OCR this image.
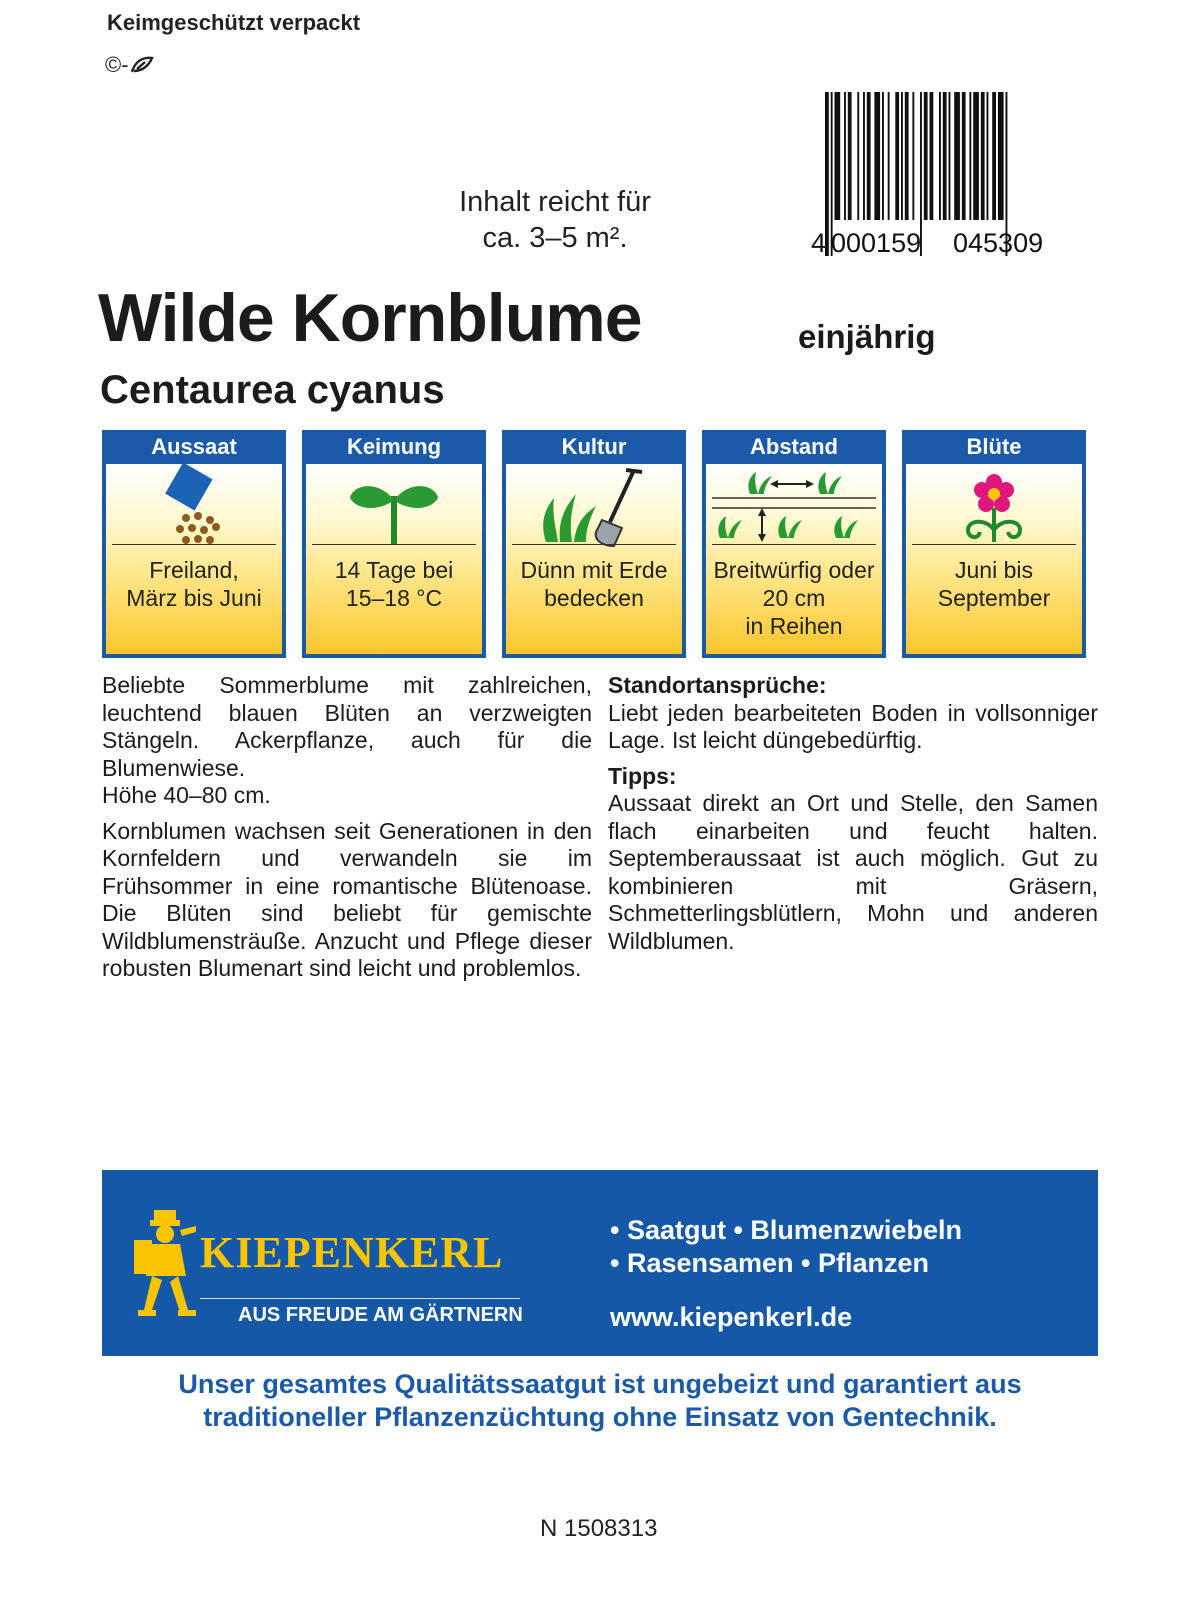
Keimgeschützt verpackt
©-
Inhalt reicht für
ca. 3–5 m².	4 000159 045309
Wilde Kornblume	einjährig
Centaurea cyanus
Aussaat
Freiland,
März bis Juni
Keimung
14 Tage bei
15–18 °C
Kultur
Dünn mit Erde
bedecken
Abstand
Breitwürfig oder
20 cm
in Reihen
Blüte
Juni bis
September

Beliebte Sommerblume mit zahlreichen, leuchtend blauen Blüten an verzweigten Stängeln. Ackerpflanze, auch für die Blumenwiese.
Höhe 40–80 cm.

Kornblumen wachsen seit Generationen in den Kornfeldern und verwandeln sie im Frühsommer in eine romantische Blütenoase. Die Blüten sind beliebt für gemischte Wildblumensträuße. Anzucht und Pflege dieser robusten Blumenart sind leicht und problemlos.

Standortansprüche:

Liebt jeden bearbeiteten Boden in vollsonniger Lage. Ist leicht düngebedürftig.

Tipps:

Aussaat direkt an Ort und Stelle, den Samen flach einarbeiten und feucht halten. Septemberaussaat ist auch möglich. Gut zu kombinieren mit Gräsern, Schmetterlingsblütlern, Mohn und anderen Wildblumen.

KIEPENKERL
AUS FREUDE AM GÄRTNERN
• Saatgut • Blumenzwiebeln
• Rasensamen • Pflanzen
www.kiepenkerl.de
Unser gesamtes Qualitätssaatgut ist ungebeizt und garantiert aus
traditioneller Pflanzenzüchtung ohne Einsatz von Gentechnik.
N 1508313
